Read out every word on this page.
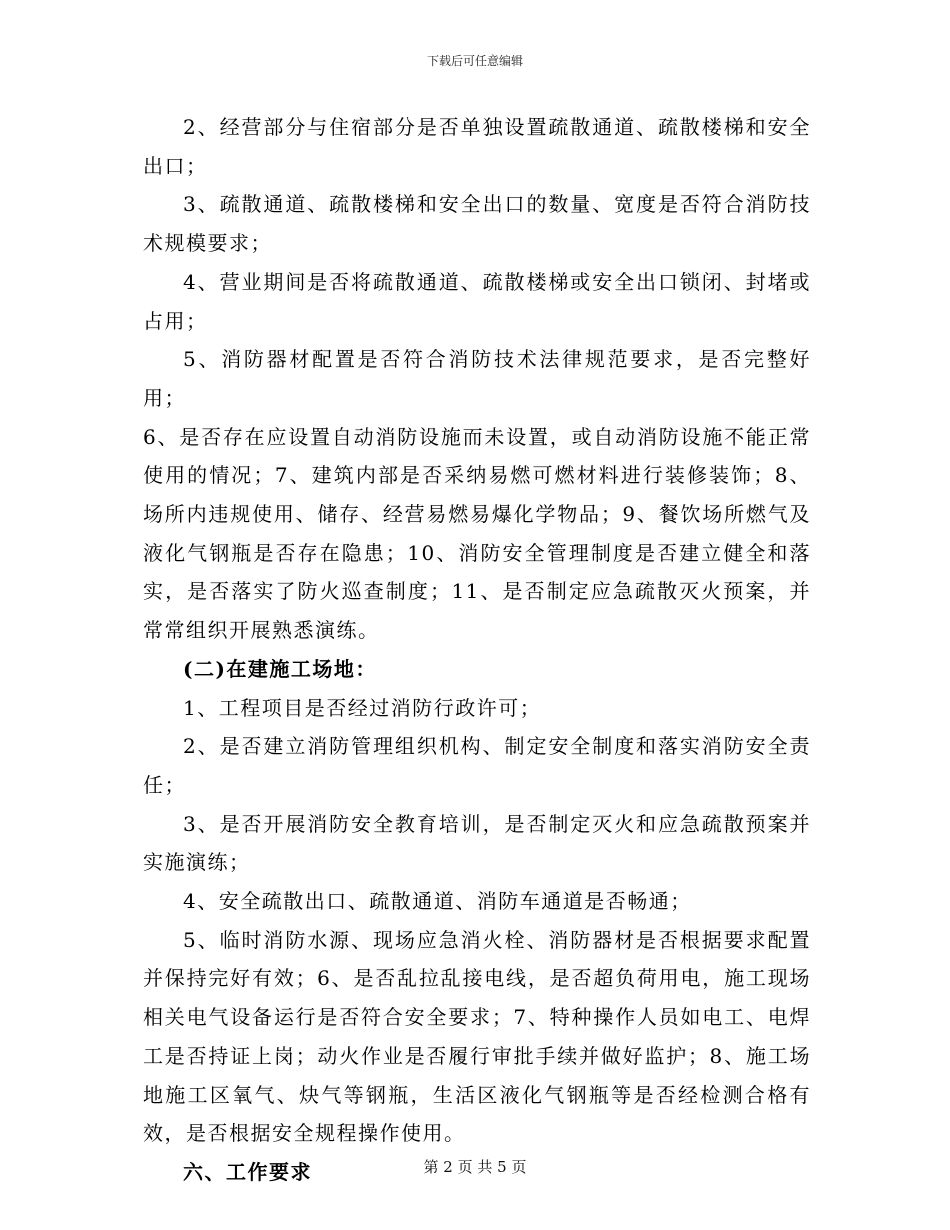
下载后可任意编辑

2、经营部分与住宿部分是否单独设置疏散通道、疏散楼梯和安全出口；

3、疏散通道、疏散楼梯和安全出口的数量、宽度是否符合消防技术规模要求；

4、营业期间是否将疏散通道、疏散楼梯或安全出口锁闭、封堵或占用；

5、消防器材配置是否符合消防技术法律规范要求，是否完整好用；

6、是否存在应设置自动消防设施而未设置，或自动消防设施不能正常使用的情况；7、建筑内部是否采纳易燃可燃材料进行装修装饰；8、场所内违规使用、储存、经营易燃易爆化学物品；9、餐饮场所燃气及液化气钢瓶是否存在隐患；10、消防安全管理制度是否建立健全和落实，是否落实了防火巡查制度；11、是否制定应急疏散灭火预案，并常常组织开展熟悉演练。

(二)在建施工场地：

1、工程项目是否经过消防行政许可；

2、是否建立消防管理组织机构、制定安全制度和落实消防安全责任；

3、是否开展消防安全教育培训，是否制定灭火和应急疏散预案并实施演练；

4、安全疏散出口、疏散通道、消防车通道是否畅通；

5、临时消防水源、现场应急消火栓、消防器材是否根据要求配置并保持完好有效；6、是否乱拉乱接电线，是否超负荷用电，施工现场相关电气设备运行是否符合安全要求；7、特种操作人员如电工、电焊工是否持证上岗；动火作业是否履行审批手续并做好监护；8、施工场地施工区氧气、炔气等钢瓶，生活区液化气钢瓶等是否经检测合格有效，是否根据安全规程操作使用。

六、工作要求	第 2 页 共 5 页
